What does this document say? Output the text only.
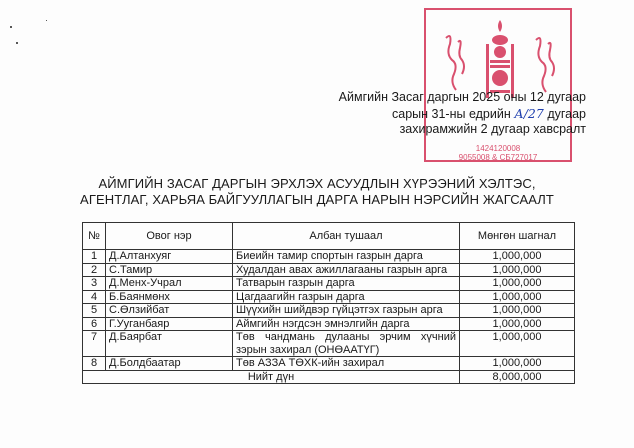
1424120008
9055008 & CБ727017
Аймгийн Засаг даргын 2025 оны 12 дугаар
сарын 31-ны едрийн А/27 дугаар
захирамжийн 2 дугаар хавсралт
АЙМГИЙН ЗАСАГ ДАРГЫН ЭРХЛЭХ АСУУДЛЫН ХҮРЭЭНИЙ ХЭЛТЭС,
АГЕНТЛАГ, ХАРЬЯА БАЙГУУЛЛАГЫН ДАРГА НАРЫН НЭРСИЙН ЖАГСААЛТ
№	Овог нэр	Албан тушаал	Мөнгөн шагнал
1	Д.Алтанхуяг	Биеийн тамир спортын газрын дарга	1,000,000
2	С.Тамир	Худалдан авах ажиллагааны газрын арга	1,000,000
3	Д.Менх-Учрал	Татварын газрын дарга	1,000,000
4	Б.Баянмөнх	Цагдаагийн газрын дарга	1,000,000
5	С.Өлзийбат	Шүүхийн шийдвэр гүйцэтгэх газрын арга	1,000,000
6	Г.Ууганбаяр	Аймгийн нэгдсэн эмнэлгийн дарга	1,000,000
7	Д.Баярбат	Төв чандмань дулааны эрчим хүчний зэрын захирал (ОНӨААТҮГ)	1,000,000
8	Д.Болдбаатар	Төв АЗЗА ТӨХК-ийн захирал	1,000,000
Нийт дүн			8,000,000
